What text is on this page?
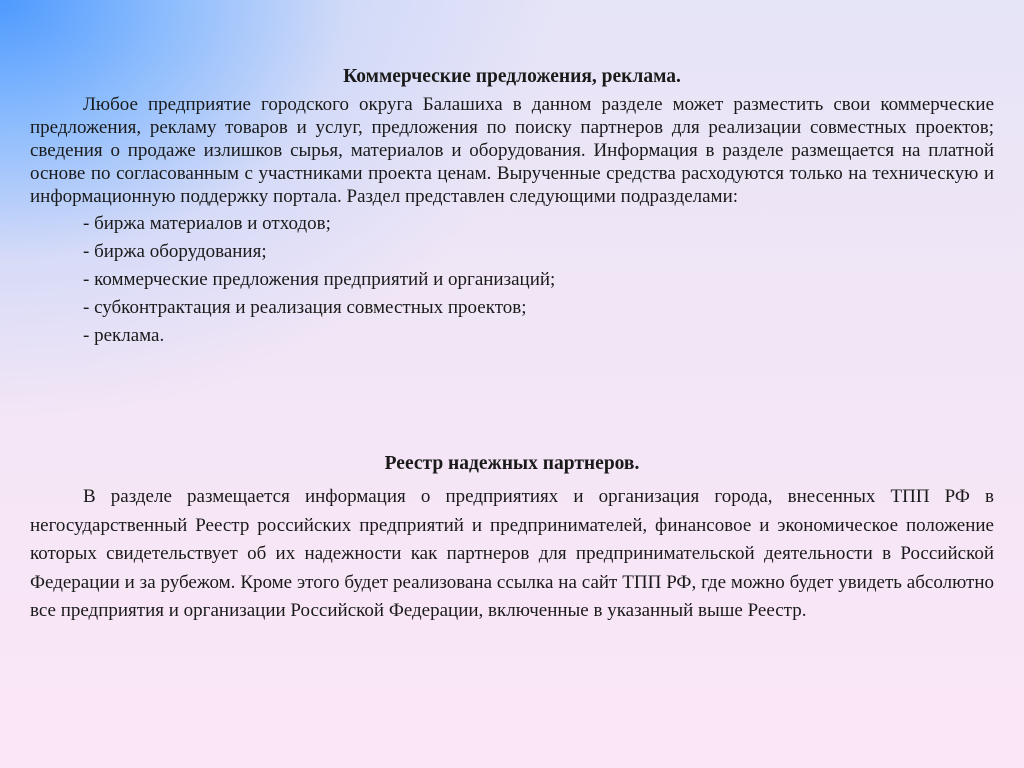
Коммерческие предложения, реклама.

Любое предприятие городского округа Балашиха в данном разделе может разместить свои коммерческие предложения, рекламу товаров и услуг, предложения по поиску партнеров для реализации совместных проектов; сведения о продаже излишков сырья, материалов и оборудования. Информация в разделе размещается на платной основе по согласованным с участниками проекта ценам. Вырученные средства расходуются только на техническую и информационную поддержку портала. Раздел представлен следующими подразделами:

- биржа материалов и отходов;
- биржа оборудования;
- коммерческие предложения предприятий и организаций;
- субконтрактация и реализация совместных проектов;
- реклама.
Реестр надежных партнеров.

В разделе размещается информация о предприятиях и организация города, внесенных ТПП РФ в негосударственный Реестр российских предприятий и предпринимателей, финансовое и экономическое положение которых свидетельствует об их надежности как партнеров для предпринимательской деятельности в Российской Федерации и за рубежом. Кроме этого будет реализована ссылка на сайт ТПП РФ, где можно будет увидеть абсолютно все предприятия и организации Российской Федерации, включенные в указанный выше Реестр.
